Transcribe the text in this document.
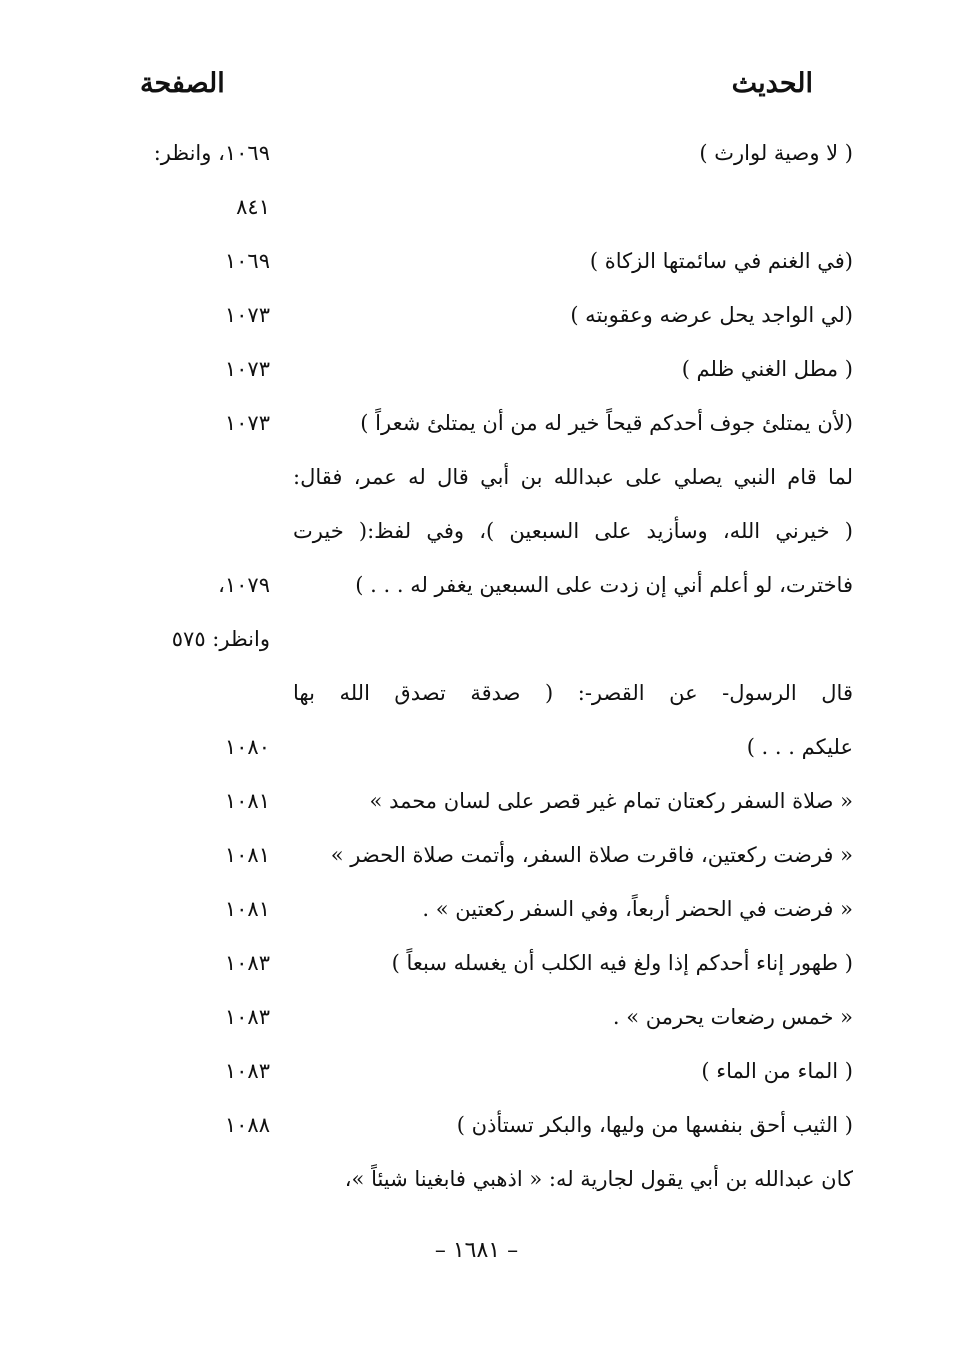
الحديث
الصفحة
( لا وصية لوارث )
١٠٦٩، وانظر:
٨٤١
(في الغنم في سائمتها الزكاة )
١٠٦٩
(لي الواجد يحل عرضه وعقوبته )
١٠٧٣
( مطل الغني ظلم )
١٠٧٣
(لأن يمتلئ جوف أحدكم قيحاً خير له من أن يمتلئ شعراً )
١٠٧٣
لما قام النبي يصلي على عبدالله بن أبي قال له عمر، فقال:
( خيرني الله، وسأزيد على السبعين )، وفي لفظ:( خيرت
فاخترت، لو أعلم أني إن زدت على السبعين يغفر له . . . )
١٠٧٩،
وانظر: ٥٧٥
قال الرسول- عن القصر-: ( صدقة تصدق الله بها
عليكم . . . )
١٠٨٠
« صلاة السفر ركعتان تمام غير قصر على لسان محمد »
١٠٨١
« فرضت ركعتين، فاقرت صلاة السفر، وأتمت صلاة الحضر »
١٠٨١
« فرضت في الحضر أربعاً، وفي السفر ركعتين » .
١٠٨١
( طهور إناء أحدكم إذا ولغ فيه الكلب أن يغسله سبعاً )
١٠٨٣
« خمس رضعات يحرمن » .
١٠٨٣
( الماء من الماء )
١٠٨٣
( الثيب أحق بنفسها من وليها، والبكر تستأذن )
١٠٨٨
كان عبدالله بن أبي يقول لجارية له: « اذهبي فابغينا شيئاً »،
– ١٦٨١ –
